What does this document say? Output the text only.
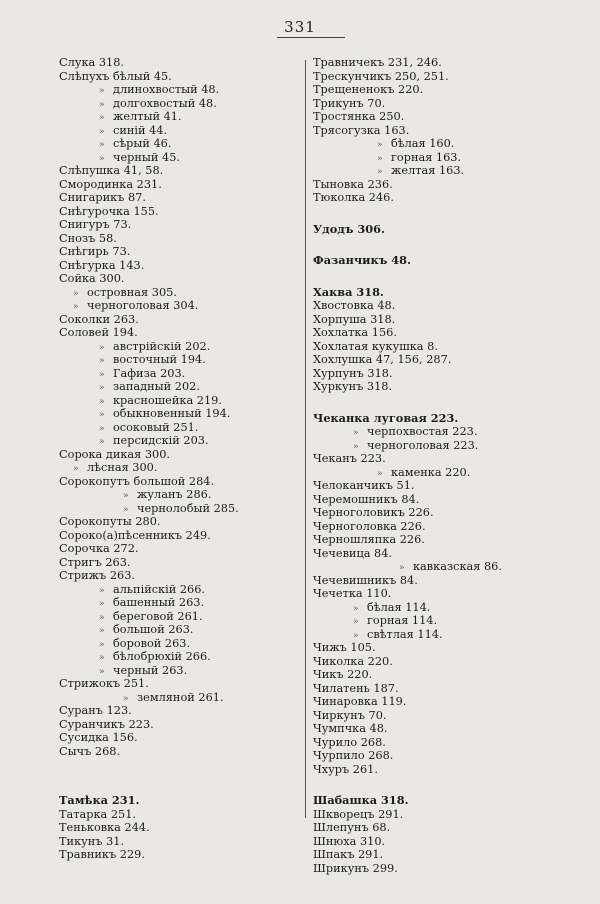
331
Слука 318.
Слѣпухъ бѣлый 45.
» длинохвостый 48.
» долгохвостый 48.
» желтый 41.
» синій 44.
» сѣрый 46.
» черный 45.
Слѣпушка 41, 58.
Смородинка 231.
Снигарикъ 87.
Снѣгурочка 155.
Снигуръ 73.
Снозъ 58.
Снѣгирь 73.
Снѣгурка 143.
Сойка 300.
» островная 305.
» черноголовая 304.
Соколки 263.
Соловей 194.
» австрійскій 202.
» восточный 194.
» Гафиза 203.
» западный 202.
» красношейка 219.
» обыкновенный 194.
» осоковый 251.
» персидскій 203.
Сорока дикая 300.
» лѣсная 300.
Сорокопутъ большой 284.
» жуланъ 286.
» чернолобый 285.
Сорокопуты 280.
Сороко(а)пѣсенникъ 249.
Сорочка 272.
Стригъ 263.
Стрижъ 263.
» альпійскій 266.
» башенный 263.
» береговой 261.
» большой 263.
» боровой 263.
» бѣлобрюхій 266.
» черный 263.
Стрижокъ 251.
» земляной 261.
Суранъ 123.
Суранчикъ 223.
Сусидка 156.
Сычъ 268.
Тамѣка 231.
Татарка 251.
Теньковка 244.
Тикунъ 31.
Травникъ 229.
Травничекъ 231, 246.
Трескунчикъ 250, 251.
Трещененокъ 220.
Трикунъ 70.
Тростянка 250.
Трясогузка 163.
» бѣлая 160.
» горная 163.
» желтая 163.
Тыновка 236.
Тюколка 246.
Удодъ 306.
Фазанчикъ 48.
Хаква 318.
Хвостовка 48.
Хорпуша 318.
Хохлатка 156.
Хохлатая кукушка 8.
Хохлушка 47, 156, 287.
Хурпунъ 318.
Хуркунъ 318.
Чеканка луговая 223.
» черпохвостая 223.
» черноголовая 223.
Чеканъ 223.
» каменка 220.
Челоканчикъ 51.
Черемошникъ 84.
Черноголовикъ 226.
Черноголовка 226.
Черношляпка 226.
Чечевица 84.
» кавказская 86.
Чечевишникъ 84.
Чечетка 110.
» бѣлая 114.
» горная 114.
» свѣтлая 114.
Чижъ 105.
Чиколка 220.
Чикъ 220.
Чилатень 187.
Чинаровка 119.
Чиркунъ 70.
Чумпчка 48.
Чурило 268.
Чурпило 268.
Чхуръ 261.
Шабашка 318.
Шкворецъ 291.
Шлепунъ 68.
Шнюха 310.
Шпакъ 291.
Шрикунъ 299.
